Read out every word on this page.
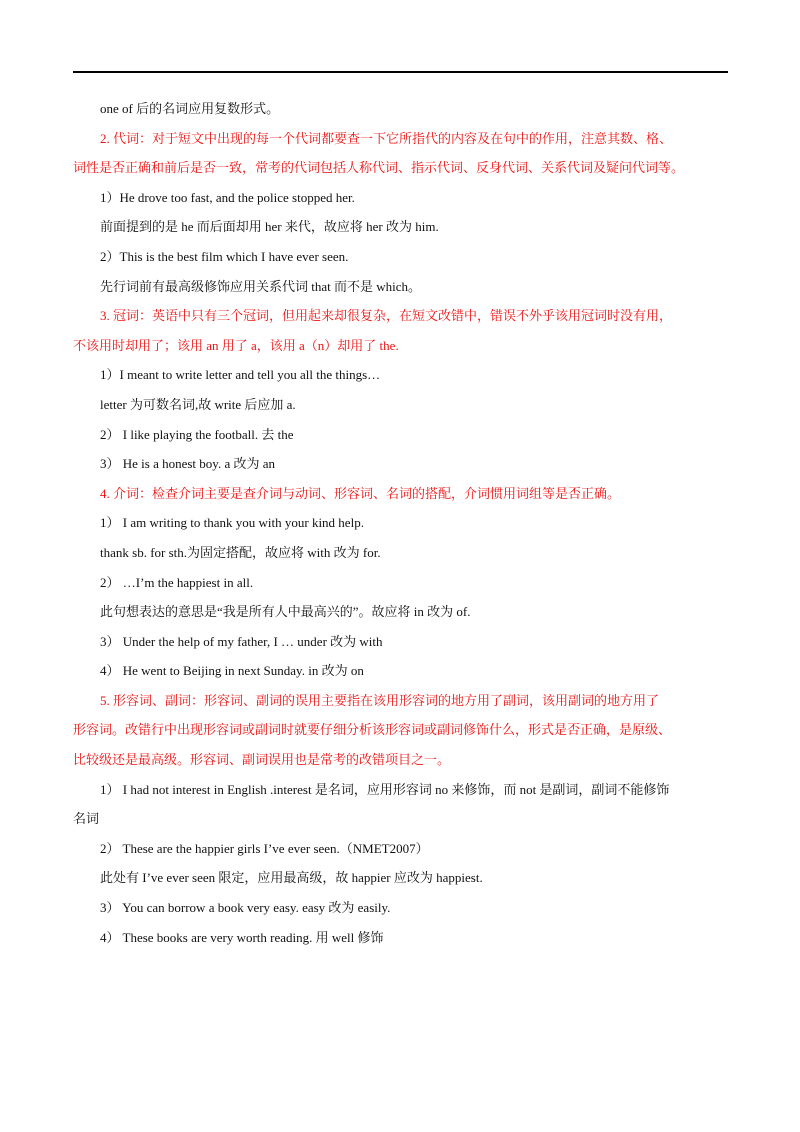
one of 后的名词应用复数形式。

2. 代词：对于短文中出现的每一个代词都要查一下它所指代的内容及在句中的作用，注意其数、格、

词性是否正确和前后是否一致，常考的代词包括人称代词、指示代词、反身代词、关系代词及疑问代词等。

1）He drove too fast, and the police stopped her.

前面提到的是 he 而后面却用 her 来代，故应将 her 改为 him.

2）This is the best film which I have ever seen.

先行词前有最高级修饰应用关系代词 that 而不是 which。

3. 冠词：英语中只有三个冠词，但用起来却很复杂，在短文改错中，错误不外乎该用冠词时没有用，

不该用时却用了；该用 an 用了 a，该用 a（n）却用了 the.

1）I meant to write letter and tell you all the things…

letter 为可数名词,故 write 后应加 a.

2） I like playing the football. 去 the

3） He is a honest boy. a 改为 an

4. 介词：检查介词主要是查介词与动词、形容词、名词的搭配，介词惯用词组等是否正确。

1） I am writing to thank you with your kind help.

thank sb. for sth.为固定搭配，故应将 with 改为 for.

2） …I’m the happiest in all.

此句想表达的意思是“我是所有人中最高兴的”。故应将 in 改为 of.

3） Under the help of my father, I … under 改为 with

4） He went to Beijing in next Sunday. in 改为 on

5. 形容词、副词：形容词、副词的误用主要指在该用形容词的地方用了副词，该用副词的地方用了

形容词。改错行中出现形容词或副词时就要仔细分析该形容词或副词修饰什么，形式是否正确，是原级、

比较级还是最高级。形容词、副词误用也是常考的改错项目之一。

1） I had not interest in English .interest 是名词，应用形容词 no 来修饰，而 not 是副词，副词不能修饰

名词

2） These are the happier girls I’ve ever seen.（NMET2007）

此处有 I’ve ever seen 限定，应用最高级，故 happier 应改为 happiest.

3） You can borrow a book very easy. easy 改为 easily.

4） These books are very worth reading. 用 well 修饰
